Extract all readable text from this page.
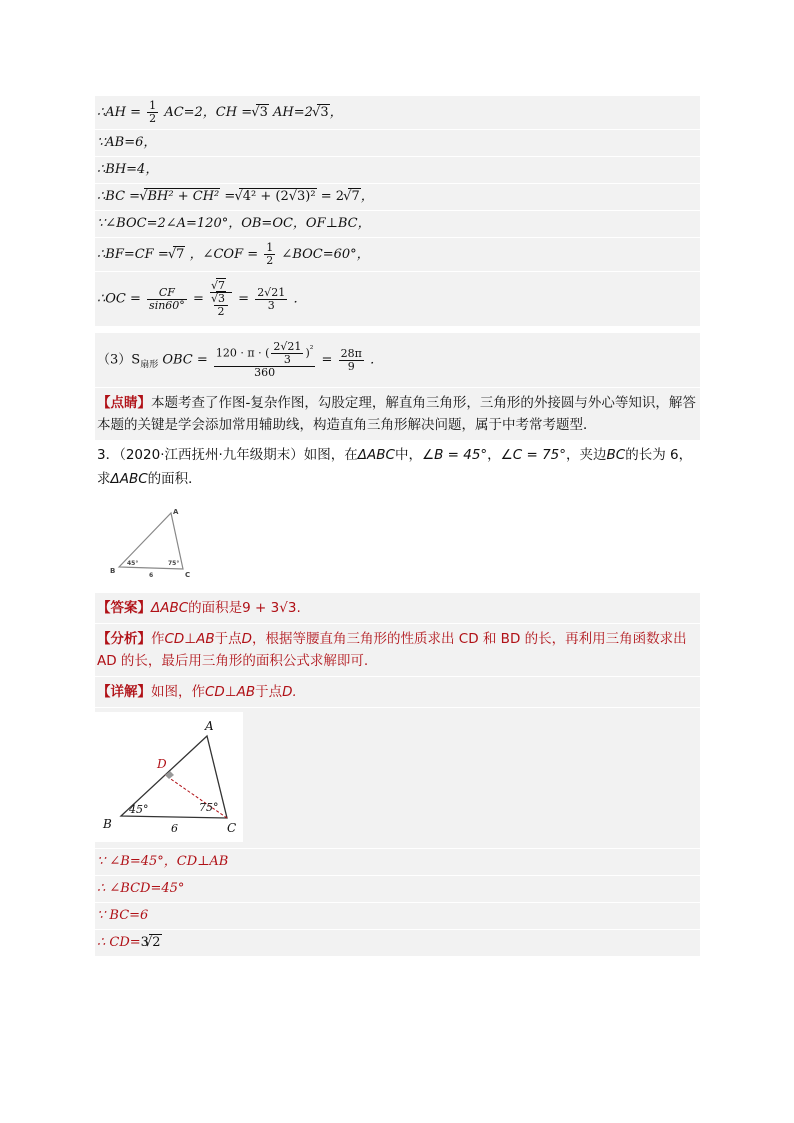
∴AH = $\frac{1}{2} AC=2$，CH = √ 3 AH=2 √ 3，
∵AB=6，
∴BH=4，
∴BC = √ BH² + CH² = √ 4² + (2√3)² = 2 √ 7，
∵∠BOC=2∠A=120°，OB=OC，OF⊥BC，
∴BF=CF = √ 7 ，∠COF = $\frac{1}{2}$ ∠BOC=60°，
∴OC = $\frac{CF}{\sin 60^\circ}$ = √ 7
√ $\frac{3}{2} = \frac{2√21}{3}$ ．
$(3)S_{扇形}$ OBC = $\frac{120 \cdot \pi \cdot ( \frac{2√21}{3} )^{^2}}{360} = \frac{28\pi}{9}$ ．
【点睛】本题考查了作图-复杂作图，勾股定理，解直角三角形，三角形的外接圆与外心等知识，解答本题的关键是学会添加常用辅助线，构造直角三角形解决问题，属于中考常考题型．
3．（2020·江西抚州·九年级期末）如图，在ΔABC中，∠B = 45°，∠C = 75°，夹边BC的长为 6，
求ΔABC的面积．
A
B	C
45°	75°
6
【答案】ΔABC的面积是9 + 3√3.
【分析】作CD⊥AB于点D，根据等腰直角三角形的性质求出 CD 和 BD 的长，再利用三角函数求出 AD 的长，最后用三角形的面积公式求解即可.
【详解】如图，作CD⊥AB于点D.
A
B	C
D
45°	75°
6
∵ ∠B=45°，CD⊥AB
∴ ∠BCD=45°
∵ BC=6
∴ CD=3 √ 2
